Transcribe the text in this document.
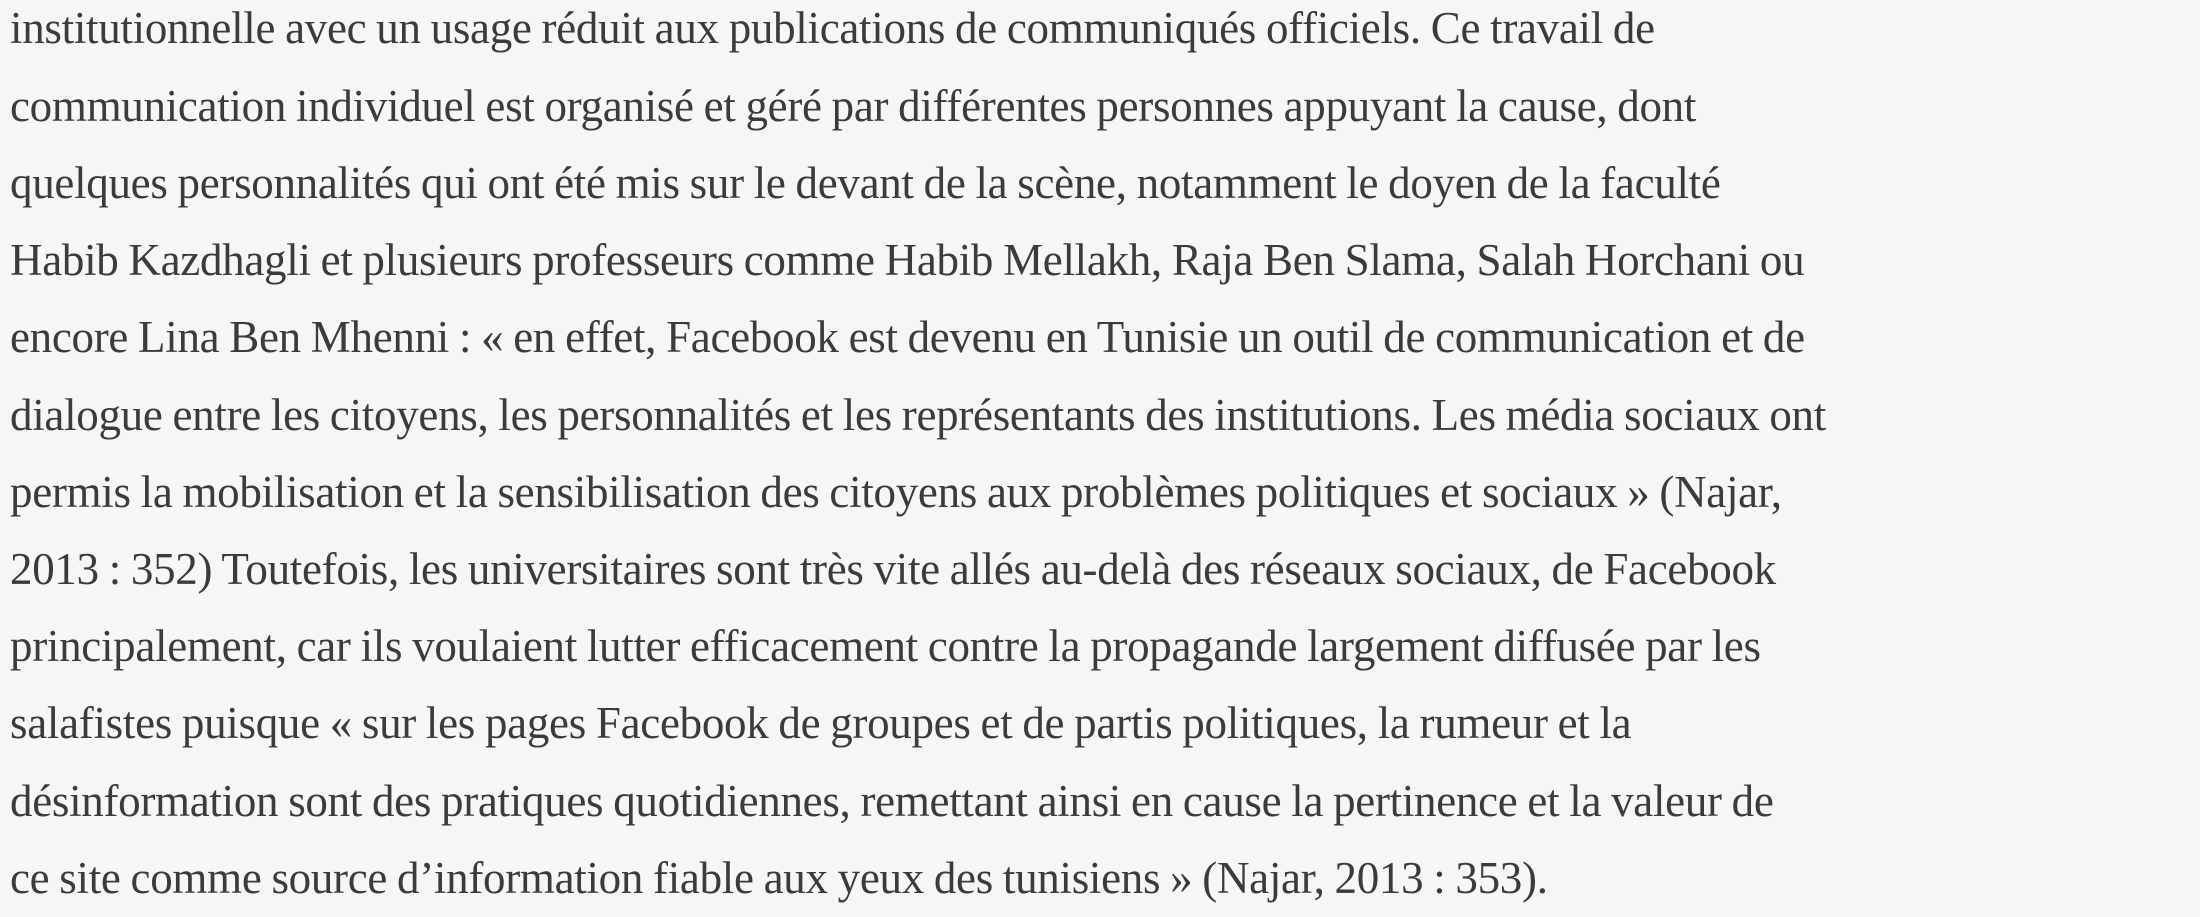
institutionnelle avec un usage réduit aux publications de communiqués officiels. Ce travail de
communication individuel est organisé et géré par différentes personnes appuyant la cause, dont
quelques personnalités qui ont été mis sur le devant de la scène, notamment le doyen de la faculté
Habib Kazdhagli et plusieurs professeurs comme Habib Mellakh, Raja Ben Slama, Salah Horchani ou
encore Lina Ben Mhenni : « en effet, Facebook est devenu en Tunisie un outil de communication et de
dialogue entre les citoyens, les personnalités et les représentants des institutions. Les média sociaux ont
permis la mobilisation et la sensibilisation des citoyens aux problèmes politiques et sociaux » (Najar,
2013 : 352) Toutefois, les universitaires sont très vite allés au-delà des réseaux sociaux, de Facebook
principalement, car ils voulaient lutter efficacement contre la propagande largement diffusée par les
salafistes puisque « sur les pages Facebook de groupes et de partis politiques, la rumeur et la
désinformation sont des pratiques quotidiennes, remettant ainsi en cause la pertinence et la valeur de
ce site comme source d’information fiable aux yeux des tunisiens » (Najar, 2013 : 353).
